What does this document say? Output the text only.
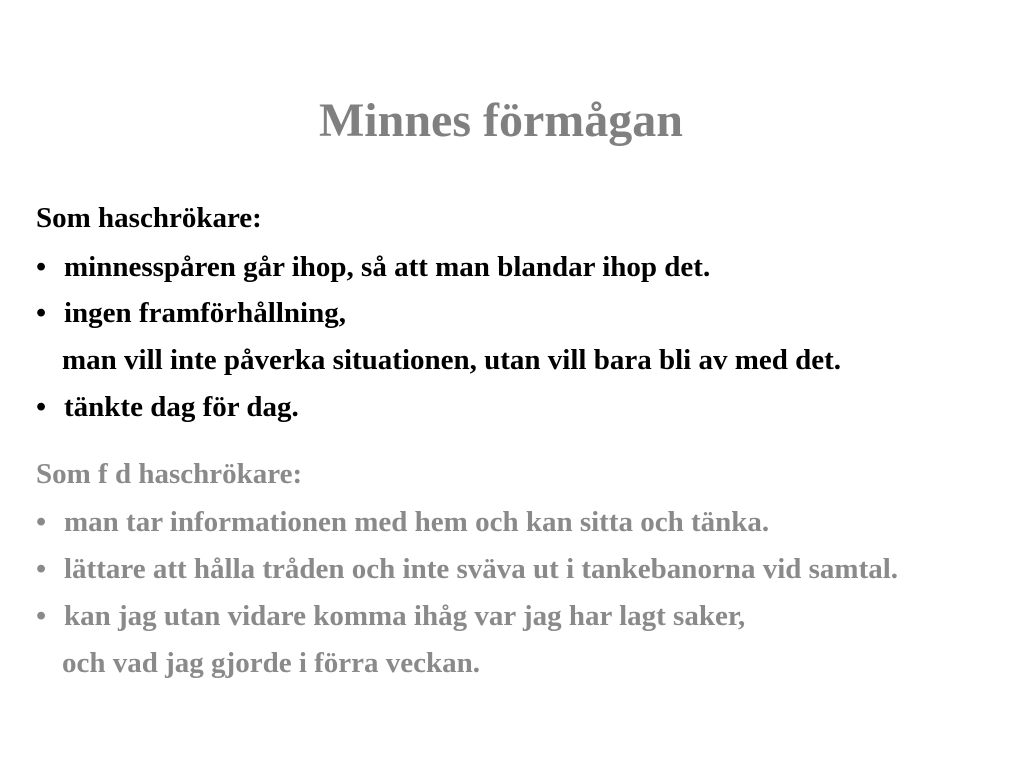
Minnes förmågan
Som haschrökare:
• minnesspåren går ihop, så att man blandar ihop det.
• ingen framförhållning,
man vill inte påverka situationen, utan vill bara bli av med det.
• tänkte dag för dag.
Som f d haschrökare:
• man tar informationen med hem och kan sitta och tänka.
• lättare att hålla tråden och inte sväva ut i tankebanorna vid samtal.
• kan jag utan vidare komma ihåg var jag har lagt saker,
och vad jag gjorde i förra veckan.
